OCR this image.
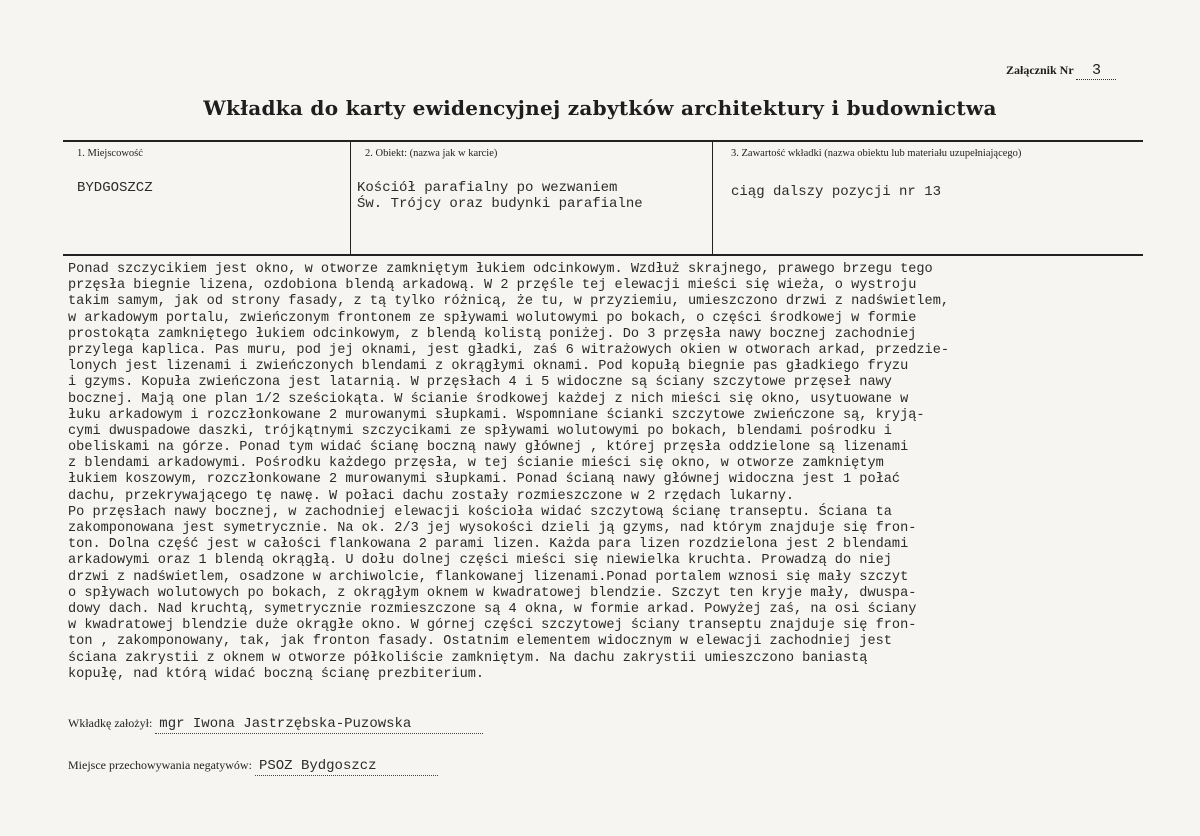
Załącznik Nr 3
Wkładka do karty ewidencyjnej zabytków architektury i budownictwa
1. Miejscowość
BYDGOSZCZ
2. Obiekt: (nazwa jak w karcie)
Kościół parafialny po wezwaniem
Św. Trójcy oraz budynki parafialne
3. Zawartość wkładki (nazwa obiektu lub materiału uzupełniającego)
ciąg dalszy pozycji nr 13
Ponad szczycikiem jest okno, w otworze zamkniętym łukiem odcinkowym. Wzdłuż skrajnego, prawego brzegu tego
przęsła biegnie lizena, ozdobiona blendą arkadową. W 2 przęśle tej elewacji mieści się wieża, o wystroju
takim samym, jak od strony fasady, z tą tylko różnicą, że tu, w przyziemiu, umieszczono drzwi z nadświetlem,
w arkadowym portalu, zwieńczonym frontonem ze spływami wolutowymi po bokach, o części środkowej w formie
prostokąta zamkniętego łukiem odcinkowym, z blendą kolistą poniżej. Do 3 przęsła nawy bocznej zachodniej
przylega kaplica. Pas muru, pod jej oknami, jest gładki, zaś 6 witrażowych okien w otworach arkad, przedzie-
lonych jest lizenami i zwieńczonych blendami z okrągłymi oknami. Pod kopułą biegnie pas gładkiego fryzu
i gzyms. Kopuła zwieńczona jest latarnią. W przęsłach 4 i 5 widoczne są ściany szczytowe przęseł nawy
bocznej. Mają one plan 1/2 sześciokąta. W ścianie środkowej każdej z nich mieści się okno, usytuowane w
łuku arkadowym i rozczłonkowane 2 murowanymi słupkami. Wspomniane ścianki szczytowe zwieńczone są, kryją-
cymi dwuspadowe daszki, trójkątnymi szczycikami ze spływami wolutowymi po bokach, blendami pośrodku i
obeliskami na górze. Ponad tym widać ścianę boczną nawy głównej , której przęsła oddzielone są lizenami
z blendami arkadowymi. Pośrodku każdego przęsła, w tej ścianie mieści się okno, w otworze zamkniętym
łukiem koszowym, rozczłonkowane 2 murowanymi słupkami. Ponad ścianą nawy głównej widoczna jest 1 połać
dachu, przekrywającego tę nawę. W połaci dachu zostały rozmieszczone w 2 rzędach lukarny.
Po przęsłach nawy bocznej, w zachodniej elewacji kościoła widać szczytową ścianę transeptu. Ściana ta
zakomponowana jest symetrycznie. Na ok. 2/3 jej wysokości dzieli ją gzyms, nad którym znajduje się fron-
ton. Dolna część jest w całości flankowana 2 parami lizen. Każda para lizen rozdzielona jest 2 blendami
arkadowymi oraz 1 blendą okrągłą. U dołu dolnej części mieści się niewielka kruchta. Prowadzą do niej
drzwi z nadświetlem, osadzone w archiwolcie, flankowanej lizenami.Ponad portalem wznosi się mały szczyt
o spływach wolutowych po bokach, z okrągłym oknem w kwadratowej blendzie. Szczyt ten kryje mały, dwuspa-
dowy dach. Nad kruchtą, symetrycznie rozmieszczone są 4 okna, w formie arkad. Powyżej zaś, na osi ściany
w kwadratowej blendzie duże okrągłe okno. W górnej części szczytowej ściany transeptu znajduje się fron-
ton , zakomponowany, tak, jak fronton fasady. Ostatnim elementem widocznym w elewacji zachodniej jest
ściana zakrystii z oknem w otworze półkoliście zamkniętym. Na dachu zakrystii umieszczono baniastą
kopułę, nad którą widać boczną ścianę prezbiterium.
Wkładkę założył: mgr Iwona Jastrzębska-Puzowska
Miejsce przechowywania negatywów: PSOZ Bydgoszcz
